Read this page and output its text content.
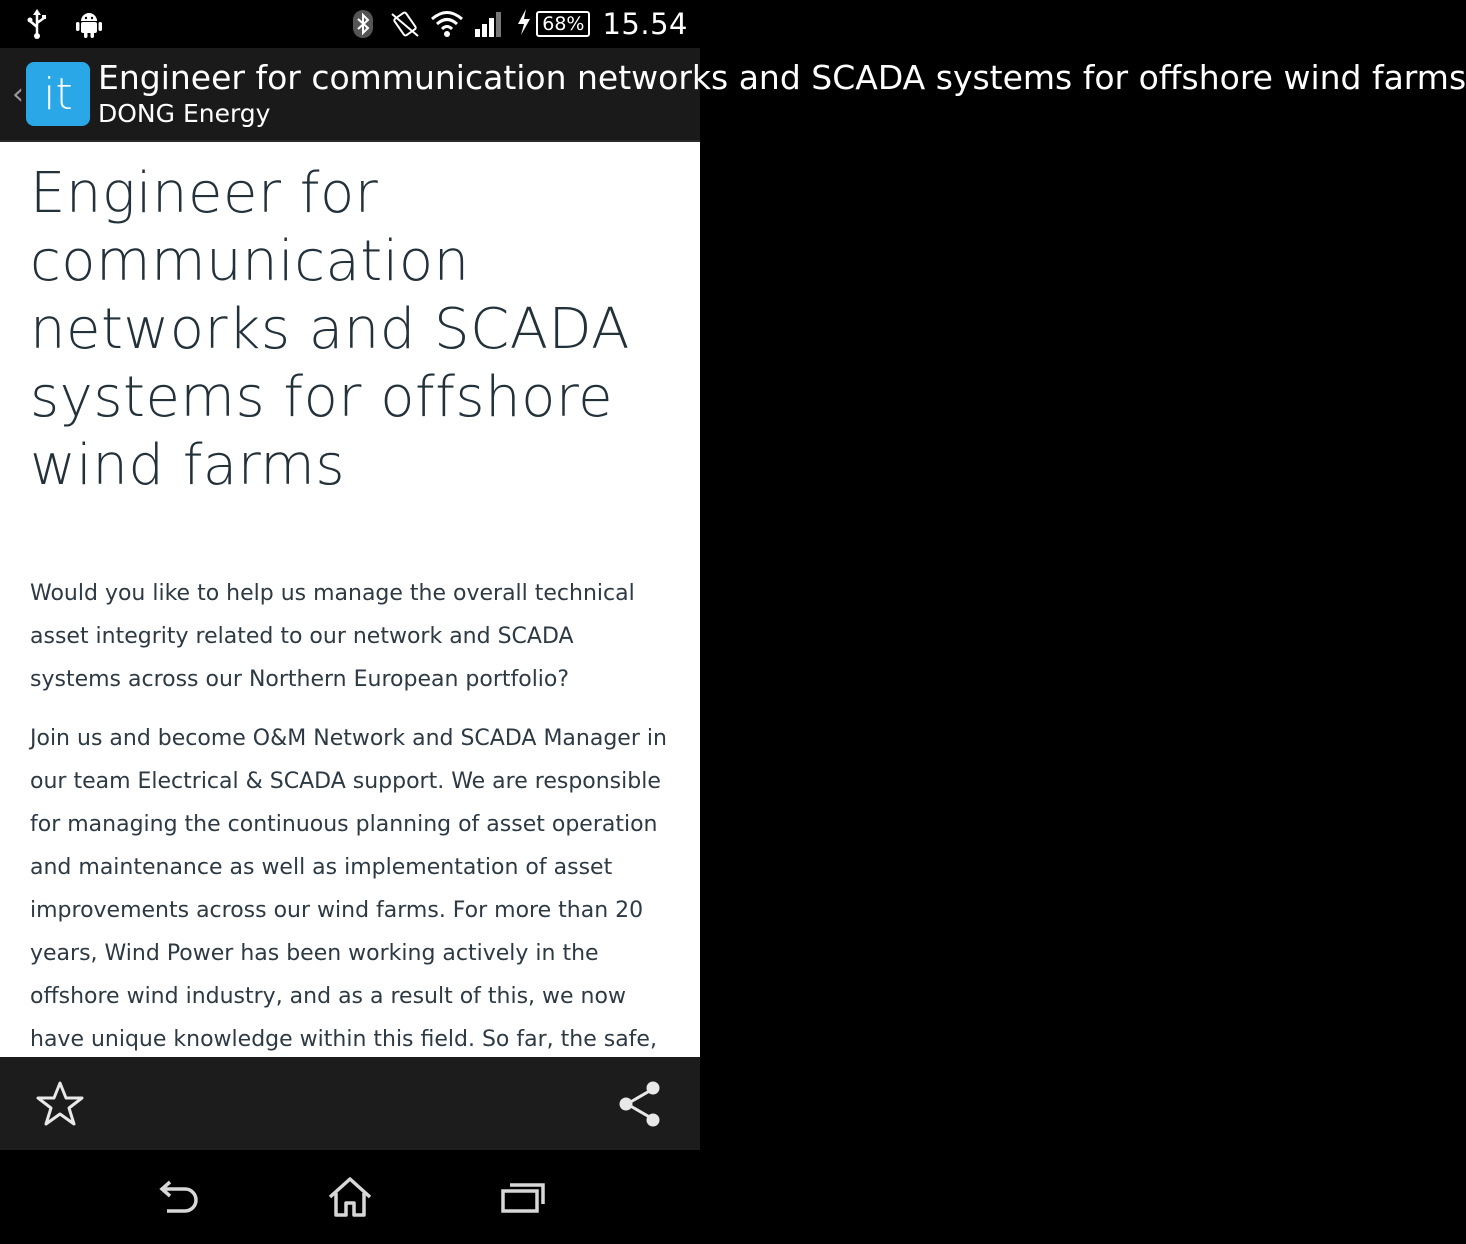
68% 15.54
‹ it Engineer for communication networks and SCADA systems for offshore wind farms
DONG Energy
Engineer for communication networks and SCADA systems for offshore wind farms

Would you like to help us manage the overall technical asset integrity related to our network and SCADA systems across our Northern European portfolio?

Join us and become O&M Network and SCADA Manager in our team Electrical & SCADA support. We are responsible for managing the continuous planning of asset operation and maintenance as well as implementation of asset improvements across our wind farms. For more than 20 years, Wind Power has been working actively in the offshore wind industry, and as a result of this, we now have unique knowledge within this field. So far, the safe,
